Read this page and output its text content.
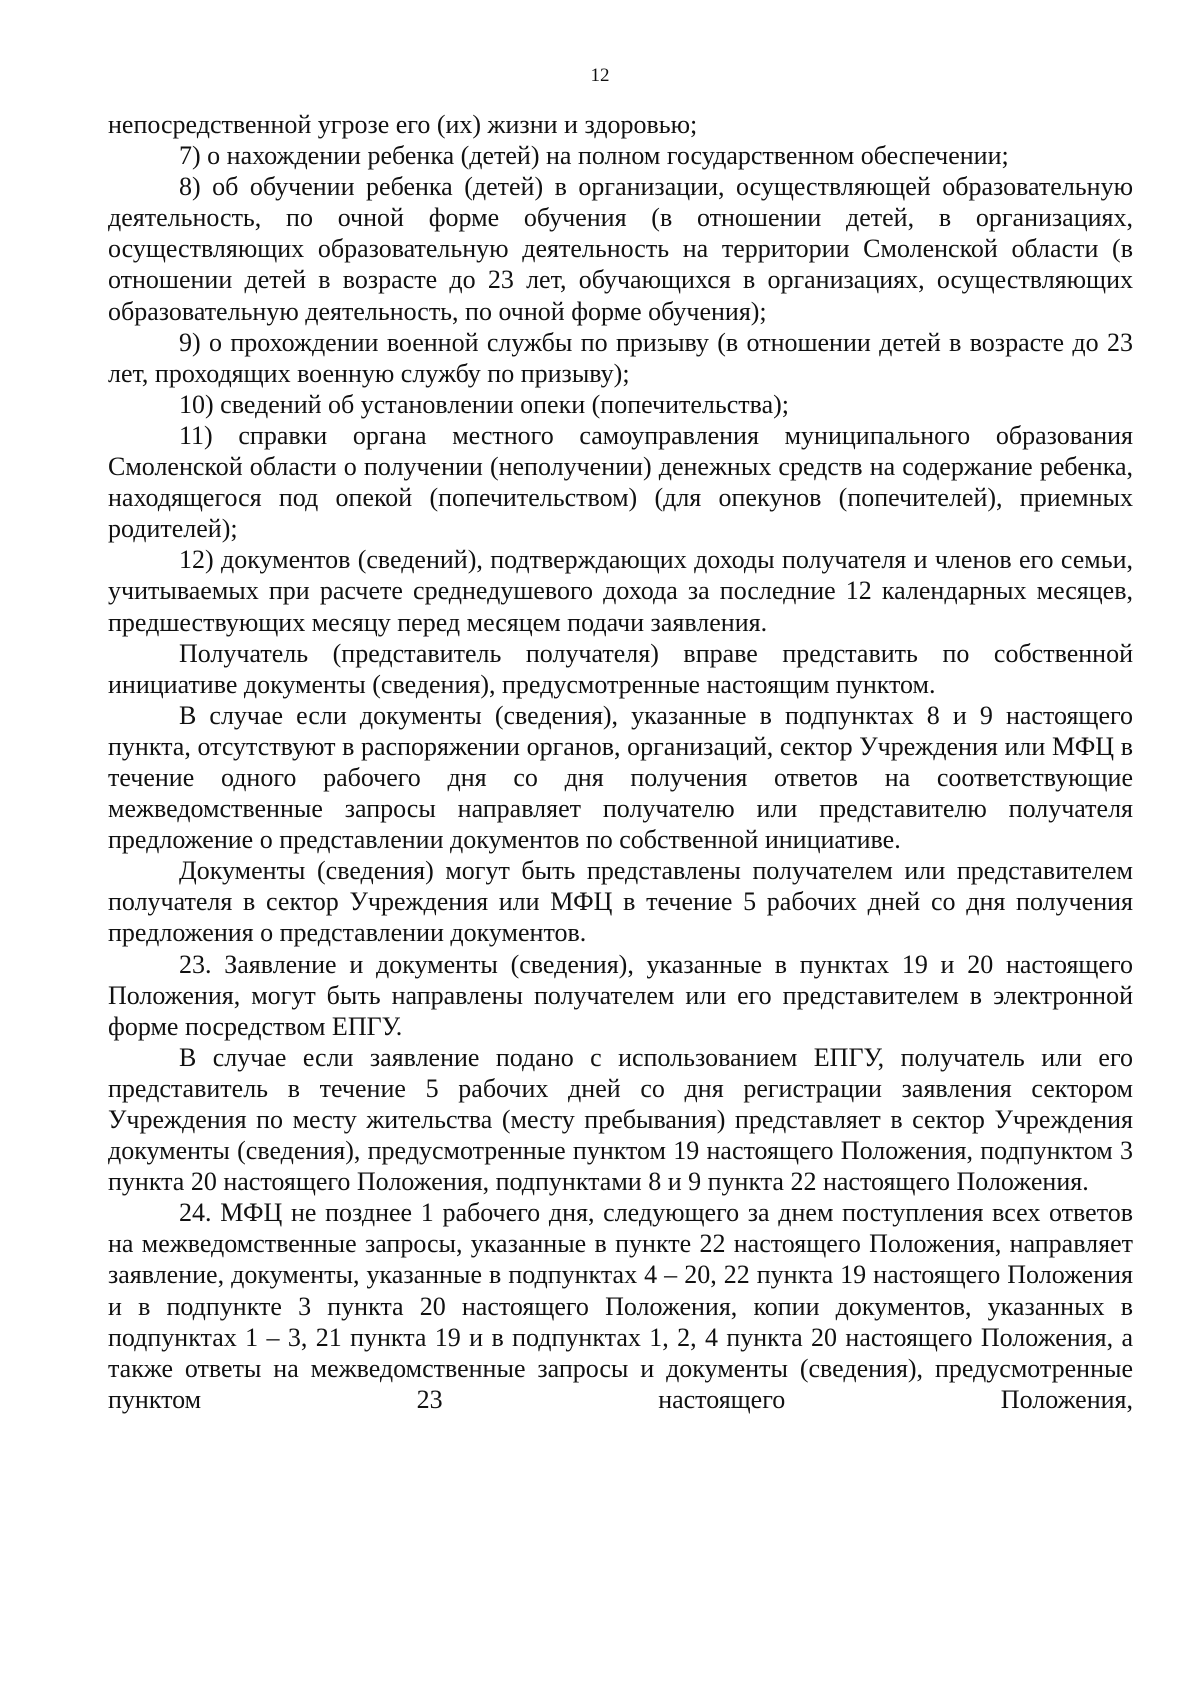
12

непосредственной угрозе его (их) жизни и здоровью;

7) о нахождении ребенка (детей) на полном государственном обеспечении;

8) об обучении ребенка (детей) в организации, осуществляющей образовательную деятельность, по очной форме обучения (в отношении детей, в организациях, осуществляющих образовательную деятельность на территории Смоленской области (в отношении детей в возрасте до 23 лет, обучающихся в организациях, осуществляющих образовательную деятельность, по очной форме обучения);

9) о прохождении военной службы по призыву (в отношении детей в возрасте до 23 лет, проходящих военную службу по призыву);

10) сведений об установлении опеки (попечительства);

11) справки органа местного самоуправления муниципального образования Смоленской области о получении (неполучении) денежных средств на содержание ребенка, находящегося под опекой (попечительством) (для опекунов (попечителей), приемных родителей);

12) документов (сведений), подтверждающих доходы получателя и членов его семьи, учитываемых при расчете среднедушевого дохода за последние 12 календарных месяцев, предшествующих месяцу перед месяцем подачи заявления.

Получатель (представитель получателя) вправе представить по собственной инициативе документы (сведения), предусмотренные настоящим пунктом.

В случае если документы (сведения), указанные в подпунктах 8 и 9 настоящего пункта, отсутствуют в распоряжении органов, организаций, сектор Учреждения или МФЦ в течение одного рабочего дня со дня получения ответов на соответствующие межведомственные запросы направляет получателю или представителю получателя предложение о представлении документов по собственной инициативе.

Документы (сведения) могут быть представлены получателем или представителем получателя в сектор Учреждения или МФЦ в течение 5 рабочих дней со дня получения предложения о представлении документов.

23. Заявление и документы (сведения), указанные в пунктах 19 и 20 настоящего Положения, могут быть направлены получателем или его представителем в электронной форме посредством ЕПГУ.

В случае если заявление подано с использованием ЕПГУ, получатель или его представитель в течение 5 рабочих дней со дня регистрации заявления сектором Учреждения по месту жительства (месту пребывания) представляет в сектор Учреждения документы (сведения), предусмотренные пунктом 19 настоящего Положения, подпунктом 3 пункта 20 настоящего Положения, подпунктами 8 и 9 пункта 22 настоящего Положения.

24. МФЦ не позднее 1 рабочего дня, следующего за днем поступления всех ответов на межведомственные запросы, указанные в пункте 22 настоящего Положения, направляет заявление, документы, указанные в подпунктах 4 – 20, 22 пункта 19 настоящего Положения и в подпункте 3 пункта 20 настоящего Положения, копии документов, указанных в подпунктах 1 – 3, 21 пункта 19 и в подпунктах 1, 2, 4 пункта 20 настоящего Положения, а также ответы на межведомственные запросы и документы (сведения), предусмотренные пунктом 23 настоящего Положения,
